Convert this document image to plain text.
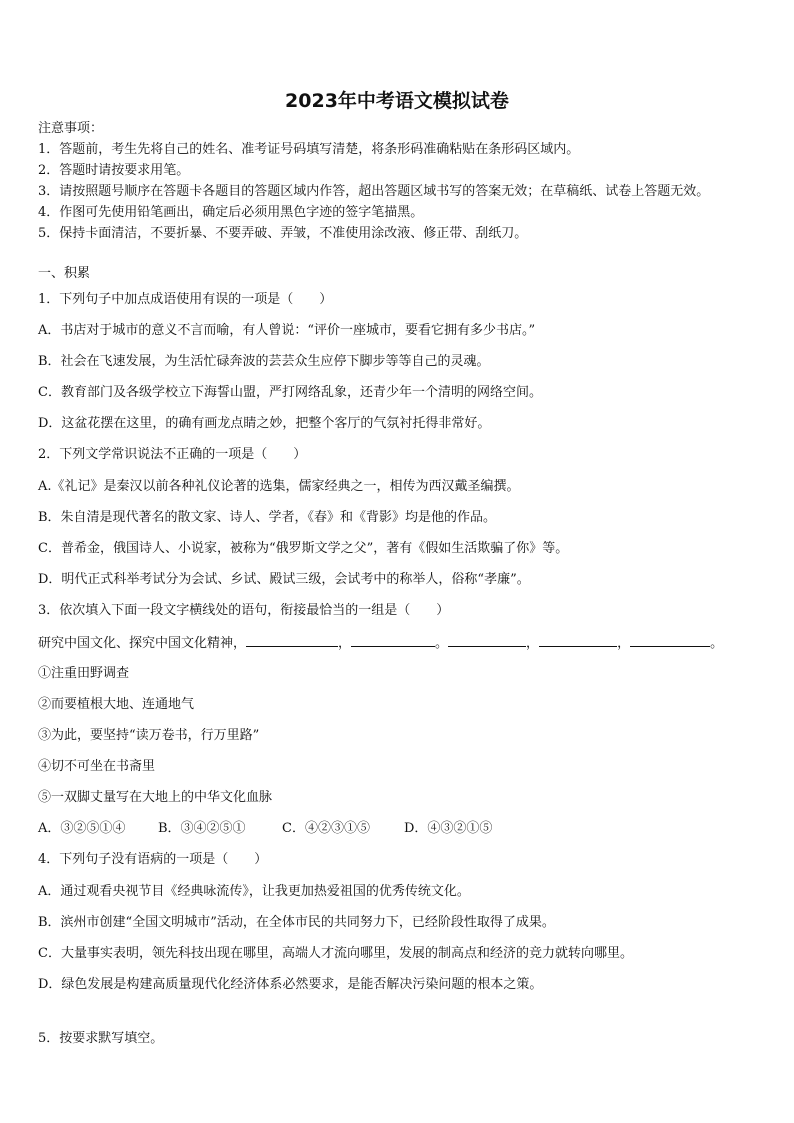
2023年中考语文模拟试卷
注意事项：
1．答题前，考生先将自己的姓名、准考证号码填写清楚，将条形码准确粘贴在条形码区域内。
2．答题时请按要求用笔。
3．请按照题号顺序在答题卡各题目的答题区域内作答，超出答题区域书写的答案无效；在草稿纸、试卷上答题无效。
4．作图可先使用铅笔画出，确定后必须用黑色字迹的签字笔描黑。
5．保持卡面清洁，不要折暴、不要弄破、弄皱，不准使用涂改液、修正带、刮纸刀。
一、积累
1．下列句子中加点成语使用有误的一项是（　　）
A．书店对于城市的意义不言而喻，有人曾说：“评价一座城市，要看它拥有多少书店。”
B．社会在飞速发展，为生活忙碌奔波的芸芸众生应停下脚步等等自己的灵魂。
C．教育部门及各级学校立下海誓山盟，严打网络乱象，还青少年一个清明的网络空间。
D．这盆花摆在这里，的确有画龙点睛之妙，把整个客厅的气氛衬托得非常好。
2．下列文学常识说法不正确的一项是（　　）
A.《礼记》是秦汉以前各种礼仪论著的选集，儒家经典之一，相传为西汉戴圣编撰。
B．朱自清是现代著名的散文家、诗人、学者，《春》和《背影》均是他的作品。
C．普希金，俄国诗人、小说家，被称为“俄罗斯文学之父”，著有《假如生活欺骗了你》等。
D．明代正式科举考试分为会试、乡试、殿试三级，会试考中的称举人，俗称“孝廉”。
3．依次填入下面一段文字横线处的语句，衔接最恰当的一组是（　　）
研究中国文化、探究中国文化精神，	，	。	，	，	。
①注重田野调查
②而要植根大地、连通地气
③为此，要坚持“读万卷书，行万里路”
④切不可坐在书斋里
⑤一双脚丈量写在大地上的中华文化血脉
A．③②⑤①④	B．③④②⑤①	C．④②③①⑤	D．④③②①⑤
4．下列句子没有语病的一项是（　　）
A．通过观看央视节目《经典咏流传》，让我更加热爱祖国的优秀传统文化。
B．滨州市创建“全国文明城市”活动，在全体市民的共同努力下，已经阶段性取得了成果。
C．大量事实表明，领先科技出现在哪里，高端人才流向哪里，发展的制高点和经济的竞力就转向哪里。
D．绿色发展是构建高质量现代化经济体系必然要求，是能否解决污染问题的根本之策。
5．按要求默写填空。
